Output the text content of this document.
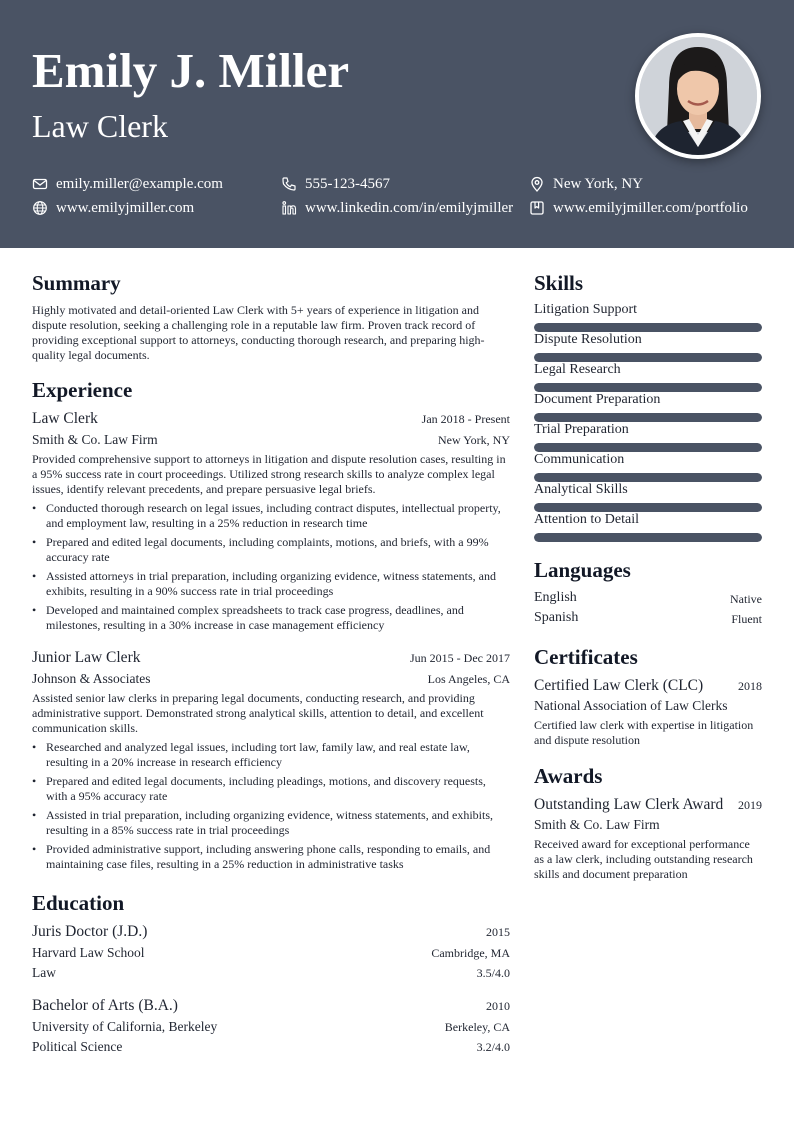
Emily J. Miller
Law Clerk
emily.miller@example.com	555-123-4567	New York, NY
www.emilyjmiller.com	www.linkedin.com/in/emilyjmiller	www.emilyjmiller.com/portfolio
Summary
Highly motivated and detail-oriented Law Clerk with 5+ years of experience in litigation and dispute resolution, seeking a challenging role in a reputable law firm. Proven track record of providing exceptional support to attorneys, conducting thorough research, and preparing high-quality legal documents.
Experience
Law Clerk	Jan 2018 - Present
Smith & Co. Law Firm	New York, NY
Provided comprehensive support to attorneys in litigation and dispute resolution cases, resulting in a 95% success rate in court proceedings. Utilized strong research skills to analyze complex legal issues, identify relevant precedents, and prepare persuasive legal briefs.
• Conducted thorough research on legal issues, including contract disputes, intellectual property, and employment law, resulting in a 25% reduction in research time
• Prepared and edited legal documents, including complaints, motions, and briefs, with a 99% accuracy rate
• Assisted attorneys in trial preparation, including organizing evidence, witness statements, and exhibits, resulting in a 90% success rate in trial proceedings
• Developed and maintained complex spreadsheets to track case progress, deadlines, and milestones, resulting in a 30% increase in case management efficiency
Junior Law Clerk	Jun 2015 - Dec 2017
Johnson & Associates	Los Angeles, CA
Assisted senior law clerks in preparing legal documents, conducting research, and providing administrative support. Demonstrated strong analytical skills, attention to detail, and excellent communication skills.
• Researched and analyzed legal issues, including tort law, family law, and real estate law, resulting in a 20% increase in research efficiency
• Prepared and edited legal documents, including pleadings, motions, and discovery requests, with a 95% accuracy rate
• Assisted in trial preparation, including organizing evidence, witness statements, and exhibits, resulting in a 85% success rate in trial proceedings
• Provided administrative support, including answering phone calls, responding to emails, and maintaining case files, resulting in a 25% reduction in administrative tasks
Education
Juris Doctor (J.D.)	2015
Harvard Law School	Cambridge, MA
Law	3.5/4.0
Bachelor of Arts (B.A.)	2010
University of California, Berkeley	Berkeley, CA
Political Science	3.2/4.0
Skills
Litigation Support
Dispute Resolution
Legal Research
Document Preparation
Trial Preparation
Communication
Analytical Skills
Attention to Detail
Languages
English	Native
Spanish	Fluent
Certificates
Certified Law Clerk (CLC)	2018
National Association of Law Clerks
Certified law clerk with expertise in litigation and dispute resolution
Awards
Outstanding Law Clerk Award 2019
Smith & Co. Law Firm
Received award for exceptional performance as a law clerk, including outstanding research skills and document preparation
